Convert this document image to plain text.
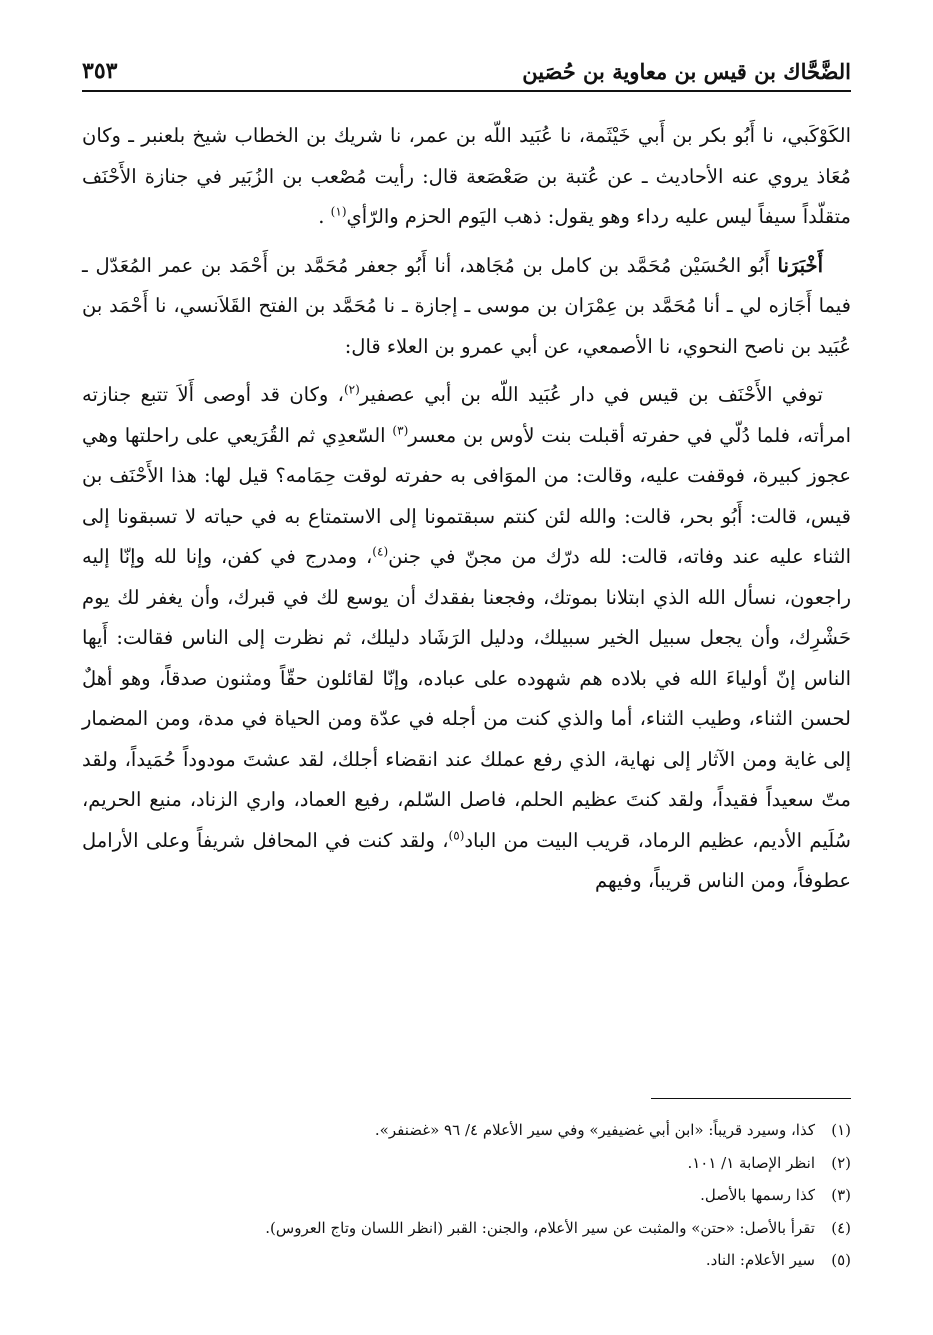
الضَّحَّاك بن قيس بن معاوية بن حُصَين
٣٥٣

الكَوْكَبي، نا أَبُو بكر بن أَبي خَيْثَمة، نا عُبَيد اللّه بن عمر، نا شريك بن الخطاب شيخ بلعنبر ـ وكان مُعَاذ يروي عنه الأحاديث ـ عن عُتبة بن صَعْصَعة قال: رأيت مُصْعب بن الزُبَير في جنازة الأَحْنَف متقلّداً سيفاً ليس عليه رداء وهو يقول: ذهب اليَوم الحزم والرّأي$^{(١)}$ .

أَخْبَرَنا أَبُو الحُسَيْن مُحَمَّد بن كامل بن مُجَاهد، أنا أَبُو جعفر مُحَمَّد بن أَحْمَد بن عمر المُعَدّل ـ فيما أَجَازه لي ـ أنا مُحَمَّد بن عِمْرَان بن موسى ـ إجازة ـ نا مُحَمَّد بن الفتح القَلاَنسي، نا أَحْمَد بن عُبَيد بن ناصح النحوي، نا الأصمعي، عن أبي عمرو بن العلاء قال:

توفي الأَحْنَف بن قيس في دار عُبَيد اللّه بن أبي عصفير$^{(٢)}$، وكان قد أوصى أَلاَ تتبع جنازته امرأته، فلما دُلّي في حفرته أقبلت بنت لأوس بن معسر$^{(٣)}$ السّعدِي ثم القُرَيعي على راحلتها وهي عجوز كبيرة، فوقفت عليه، وقالت: من الموَافى به حفرته لوقت حِمَامه؟ قيل لها: هذا الأَحْنَف بن قيس، قالت: أَبُو بحر، قالت: والله لئن كنتم سبقتمونا إلى الاستمتاع به في حياته لا تسبقونا إلى الثناء عليه عند وفاته، قالت: لله درّك من مجنّ في جنن$^{(٤)}$، ومدرج في كفن، وإنا لله وإنّا إليه راجعون، نسأل الله الذي ابتلانا بموتك، وفجعنا بفقدك أن يوسع لك في قبرك، وأن يغفر لك يوم حَشْرِك، وأن يجعل سبيل الخير سبيلك، ودليل الرَشَاد دليلك، ثم نظرت إلى الناس فقالت: أَيها الناس إنّ أولياءَ الله في بلاده هم شهوده على عباده، وإنّا لقائلون حقّاً ومثنون صدقاً، وهو أهلٌ لحسن الثناء، وطيب الثناء، أما والذي كنت من أجله في عدّة ومن الحياة في مدة، ومن المضمار إلى غاية ومن الآثار إلى نهاية، الذي رفع عملك عند انقضاء أجلك، لقد عشتَ مودوداً حُمَيداً، ولقد متّ سعيداً فقيداً، ولقد كنتَ عظيم الحلم، فاصل السّلم، رفيع العماد، واري الزناد، منيع الحريم، سُلَيم الأديم، عظيم الرماد، قريب البيت من الباد$^{(٥)}$، ولقد كنت في المحافل شريفاً وعلى الأرامل عطوفاً، ومن الناس قريباً، وفيهم

(١)
كذا، وسيرد قريباً: «ابن أبي غضيفير» وفي سير الأعلام ٤/ ٩٦ «غضنفر».
(٢)
انظر الإصابة ١/ ١٠١.
(٣)
كذا رسمها بالأصل.
(٤)
تقرأ بالأصل: «حتن» والمثبت عن سير الأعلام، والجنن: القبر (انظر اللسان وتاج العروس).
(٥)
سير الأعلام: الناد.
